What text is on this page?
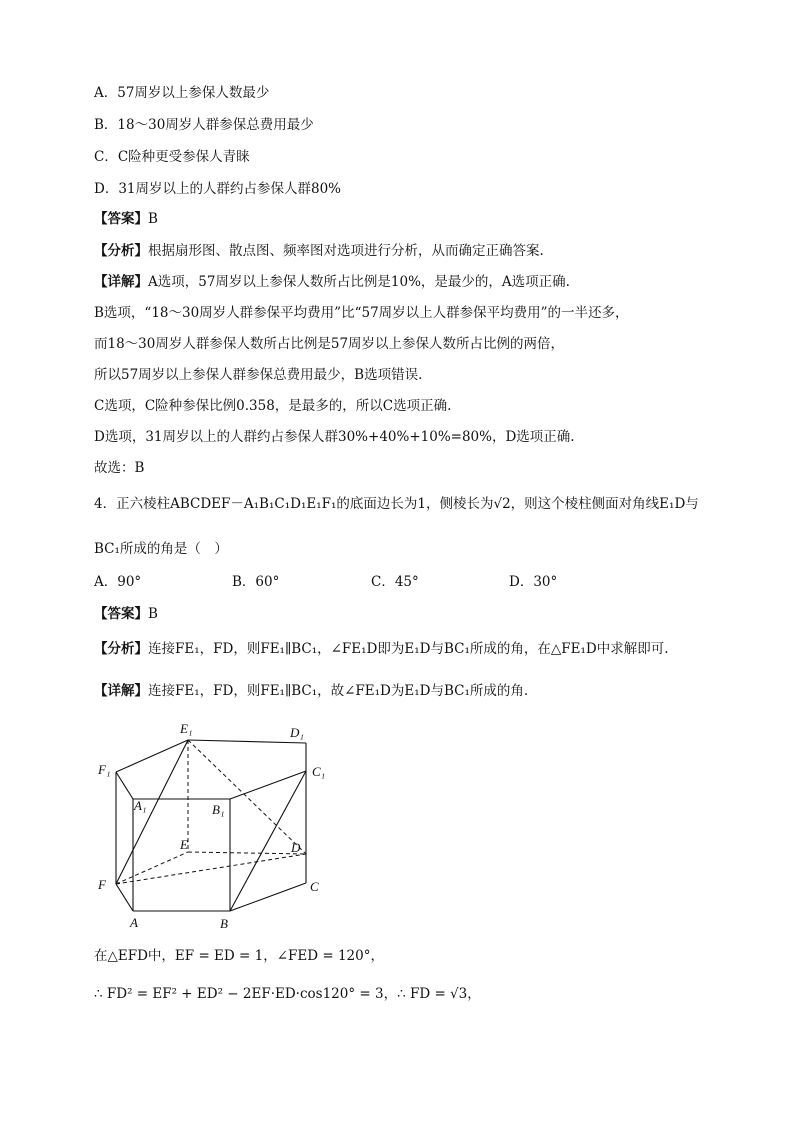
A．57周岁以上参保人数最少
B．18～30周岁人群参保总费用最少
C．C险种更受参保人青睐
D．31周岁以上的人群约占参保人群80%
【答案】B
【分析】根据扇形图、散点图、频率图对选项进行分析，从而确定正确答案.
【详解】A选项，57周岁以上参保人数所占比例是10%，是最少的，A选项正确.
B选项，“18～30周岁人群参保平均费用”比“57周岁以上人群参保平均费用”的一半还多，
而18～30周岁人群参保人数所占比例是57周岁以上参保人数所占比例的两倍，
所以57周岁以上参保人群参保总费用最少，B选项错误.
C选项，C险种参保比例0.358，是最多的，所以C选项正确.
D选项，31周岁以上的人群约占参保人群30%+40%+10%=80%，D选项正确.
故选：B
4．正六棱柱ABCDEF－A₁B₁C₁D₁E₁F₁的底面边长为1，侧棱长为√2，则这个棱柱侧面对角线E₁D与
BC₁所成的角是（　）
A．90°	B．60°	C．45°	D．30°
【答案】B
【分析】连接FE₁，FD，则FE₁∥BC₁，∠FE₁D即为E₁D与BC₁所成的角，在△FE₁D中求解即可.
【详解】连接FE₁，FD，则FE₁∥BC₁，故∠FE₁D为E₁D与BC₁所成的角.
E₁	D₁
F₁	C₁
A₁	B₁
E	D
F	C
A	B
在△EFD中，EF = ED = 1，∠FED = 120°，
∴ FD² = EF² + ED² − 2EF·ED·cos120° = 3，∴ FD = √3，
